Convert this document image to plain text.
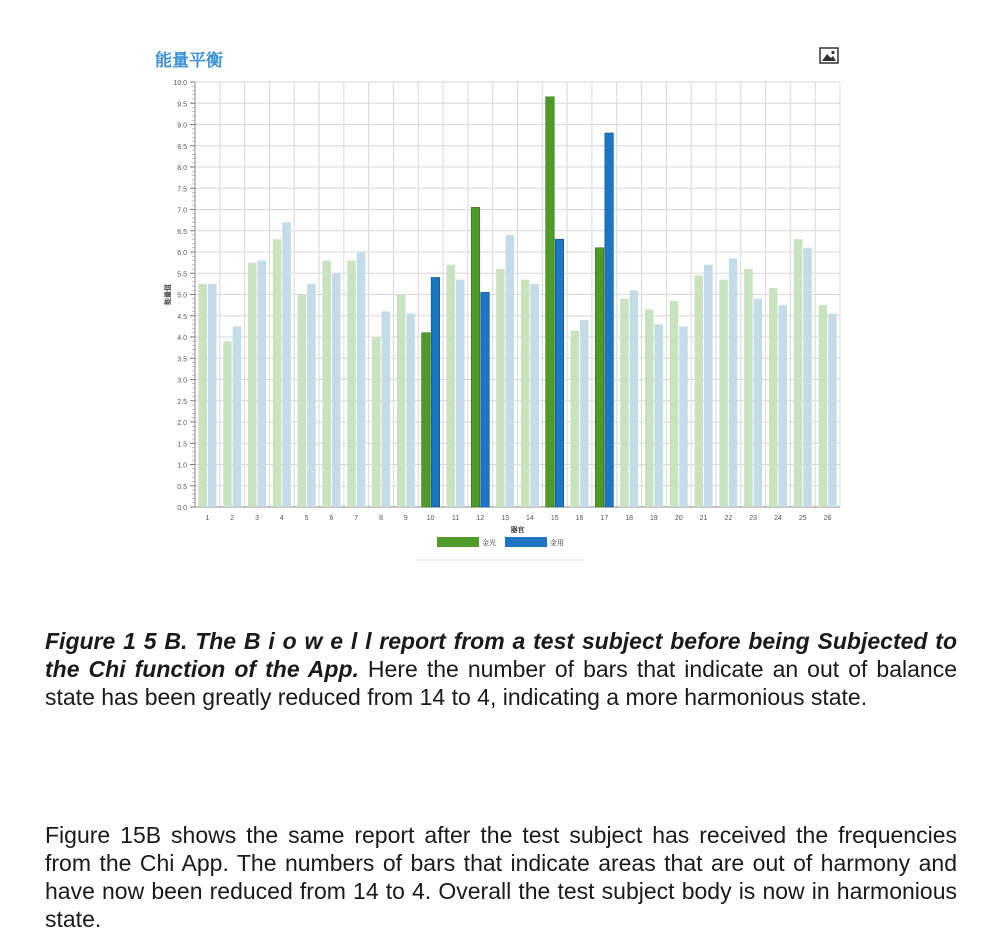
能量平衡
0.0
0.5
1.0
1.5
2.0
2.5
3.0
3.5
4.0
4.5
5.0
5.5
6.0
6.5
7.0
7.5
8.0
8.5
9.0
9.5
10.0
1	2	3	4	5	6	7	8	9	10 11 12 13 14 15 16 17 18 19 20 21 22 23 24 25 26
器官
能量值
金光	金用

Figure 1 5 B. The B i o w e l l report from a test subject before being Subjected to the Chi function of the App. Here the number of bars that indicate an out of balance state has been greatly reduced from 14 to 4, indicating a more harmonious state.

Figure 15B shows the same report after the test subject has received the frequencies from the Chi App. The numbers of bars that indicate areas that are out of harmony and have now been reduced from 14 to 4. Overall the test subject body is now in harmonious state.
